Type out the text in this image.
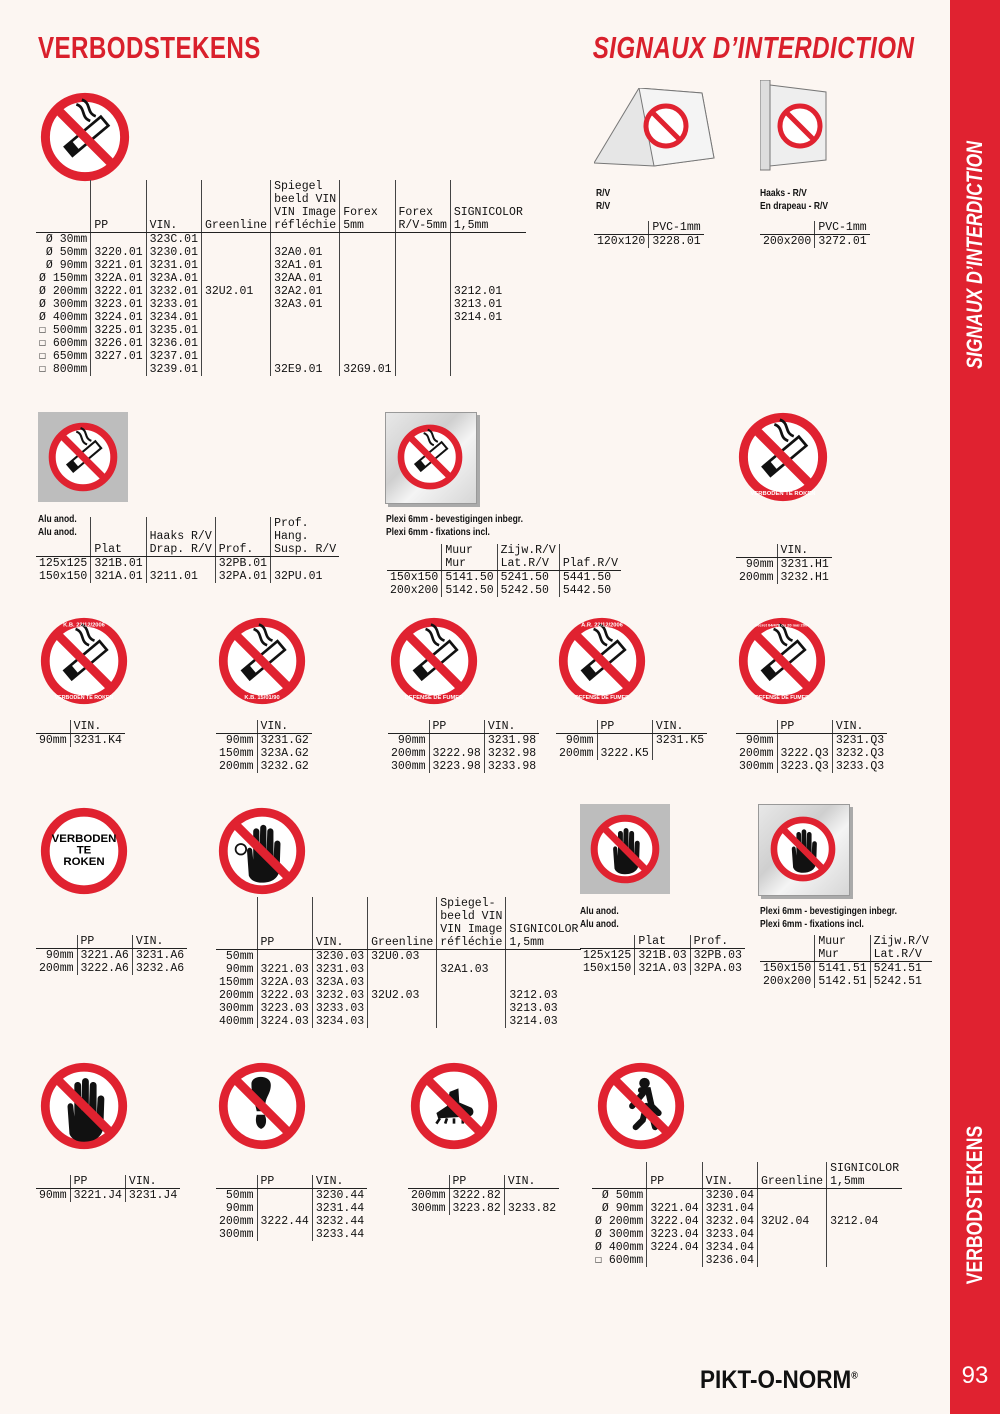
VERBODSTEKENS	SIGNAUX D’INTERDICTION
SIGNAUX D’INTERDICTION
VERBODSTEKENS
93
PIKT-O-NORM®
	PP	VIN.	Greenline	Spiegel
beeld VIN
VIN Image
réfléchie	Forex
5mm	Forex
R/V-5mm	SIGNICOLOR
1,5mm
Ø 30mm		323C.01					
Ø 50mm	3220.01	3230.01		32A0.01			
Ø 90mm	3221.01	3231.01		32A1.01			
Ø 150mm	322A.01	323A.01		32AA.01			
Ø 200mm	3222.01	3232.01	32U2.01	32A2.01			3212.01
Ø 300mm	3223.01	3233.01		32A3.01			3213.01
Ø 400mm	3224.01	3234.01					3214.01
☐ 500mm	3225.01	3235.01					
☐ 600mm	3226.01	3236.01					
☐ 650mm	3227.01	3237.01					
☐ 800mm		3239.01		32E9.01	32G9.01		
R/V
R/V
	PVC-1mm
120x120	3228.01
Haaks - R/V
En drapeau - R/V
	PVC-1mm
200x200	3272.01
Alu anod.
Alu anod.
	Plat	Haaks R/V
Drap. R/V	Prof.	Prof.
Hang.
Susp. R/V
125x125	321B.01		32PB.01	
150x150	321A.01	3211.01	32PA.01	32PU.01
Plexi 6mm - bevestigingen inbegr.
Plexi 6mm - fixations incl.
	Muur
Mur	Zijw.R/V
Lat.R/V	Plaf.R/V
150x150	5141.50	5241.50	5441.50
200x200	5142.50	5242.50	5442.50
VERBODEN TE ROKEN
	VIN.
90mm	3231.H1
200mm	3232.H1
K.B. 22/12/2006
VERBODEN TE ROKEN
	VIN.
90mm	3231.K4
K.B. 15/01/90
	VIN.
90mm	3231.G2
150mm	323A.G2
200mm	3232.G2
DEFENSE DE FUMER
	PP	VIN.
90mm		3231.98
200mm	3222.98	3232.98
300mm	3223.98	3233.98
A.R. 22/12/2006
DEFENSE DE FUMER
	PP	VIN.
90mm		3231.K5
200mm	3222.K5	
Décret 04/478 du 20 mai 2004
DEFENSE DE FUMER
	PP	VIN.
90mm		3231.Q3
200mm	3222.Q3	3232.Q3
300mm	3223.Q3	3233.Q3
VERBODEN
TE
ROKEN
	PP	VIN.
90mm	3221.A6	3231.A6
200mm	3222.A6	3232.A6
	PP	VIN.	Greenline	Spiegel-
beeld VIN
VIN Image
réfléchie	SIGNICOLOR
1,5mm
50mm		3230.03	32U0.03		
90mm	3221.03	3231.03		32A1.03	
150mm	322A.03	323A.03			
200mm	3222.03	3232.03	32U2.03		3212.03
300mm	3223.03	3233.03			3213.03
400mm	3224.03	3234.03			3214.03
Alu anod.
Alu anod.
	Plat	Prof.
125x125	321B.03	32PB.03
150x150	321A.03	32PA.03
Plexi 6mm - bevestigingen inbegr.
Plexi 6mm - fixations incl.
	Muur
Mur	Zijw.R/V
Lat.R/V
150x150	5141.51	5241.51
200x200	5142.51	5242.51
	PP	VIN.
90mm	3221.J4	3231.J4
	PP	VIN.
50mm		3230.44
90mm		3231.44
200mm	3222.44	3232.44
300mm		3233.44
	PP	VIN.
200mm	3222.82	
300mm	3223.82	3233.82
	PP	VIN.	Greenline	SIGNICOLOR
1,5mm
Ø 50mm		3230.04		
Ø 90mm	3221.04	3231.04		
Ø 200mm	3222.04	3232.04	32U2.04	3212.04
Ø 300mm	3223.04	3233.04		
Ø 400mm	3224.04	3234.04		
☐ 600mm		3236.04		
